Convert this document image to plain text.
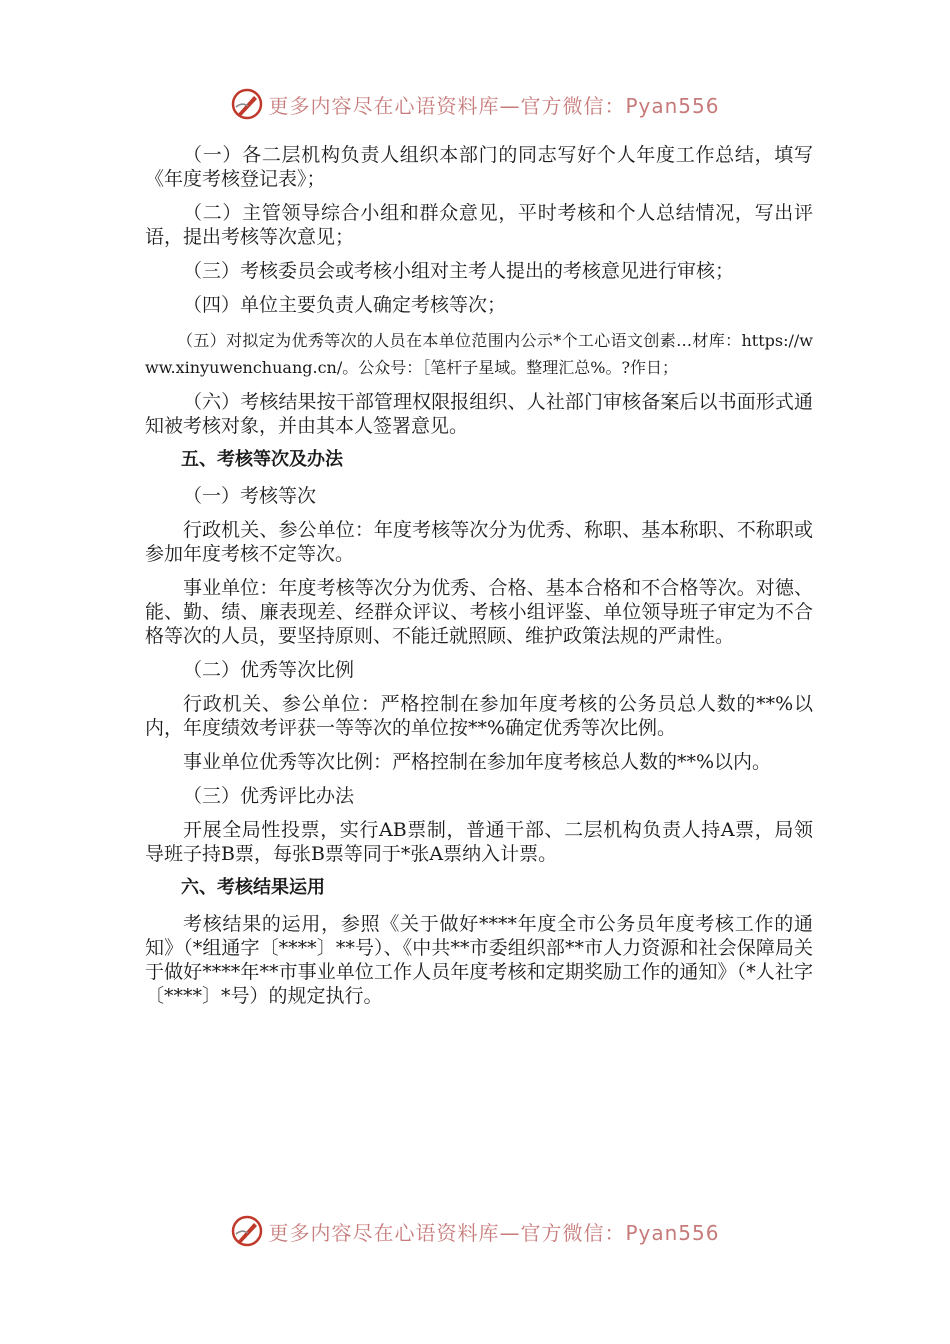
更多内容尽在心语资料库—官方微信：Pyan556

（一）各二层机构负责人组织本部门的同志写好个人年度工作总结，填写《年度考核登记表》；

（二）主管领导综合小组和群众意见，平时考核和个人总结情况，写出评语，提出考核等次意见；

（三）考核委员会或考核小组对主考人提出的考核意见进行审核；

（四）单位主要负责人确定考核等次；

（五）对拟定为优秀等次的人员在本单位范围内公示*个工心语文创素…材库：https://www.xinyuwenchuang.cn/。公众号：［笔杆子星域。整理汇总%。?作日；

（六）考核结果按干部管理权限报组织、人社部门审核备案后以书面形式通知被考核对象，并由其本人签署意见。

五、考核等次及办法

（一）考核等次

行政机关、参公单位：年度考核等次分为优秀、称职、基本称职、不称职或参加年度考核不定等次。

事业单位：年度考核等次分为优秀、合格、基本合格和不合格等次。对德、能、勤、绩、廉表现差、经群众评议、考核小组评鉴、单位领导班子审定为不合格等次的人员，要坚持原则、不能迁就照顾、维护政策法规的严肃性。

（二）优秀等次比例

行政机关、参公单位：严格控制在参加年度考核的公务员总人数的**%以内，年度绩效考评获一等等次的单位按**%确定优秀等次比例。

事业单位优秀等次比例：严格控制在参加年度考核总人数的**%以内。

（三）优秀评比办法

开展全局性投票，实行AB票制，普通干部、二层机构负责人持A票，局领导班子持B票，每张B票等同于*张A票纳入计票。

六、考核结果运用

考核结果的运用，参照《关于做好****年度全市公务员年度考核工作的通知》（*组通字〔****〕**号）、《中共**市委组织部**市人力资源和社会保障局关于做好****年**市事业单位工作人员年度考核和定期奖励工作的通知》（*人社字〔****〕*号）的规定执行。

更多内容尽在心语资料库—官方微信：Pyan556
